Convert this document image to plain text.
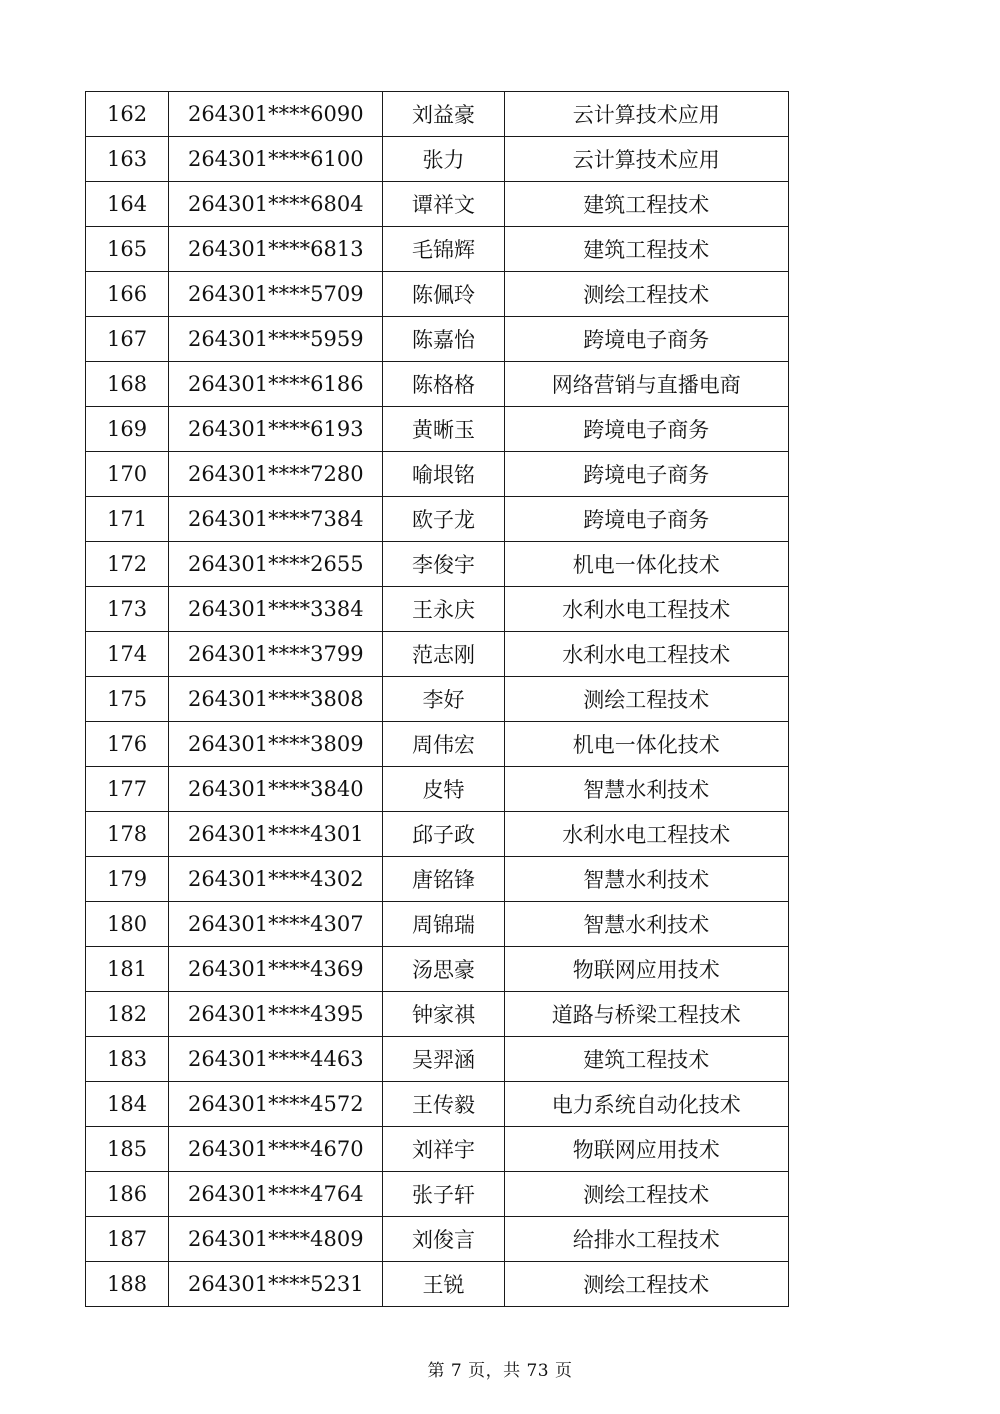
162	264301****6090	刘益豪	云计算技术应用
163	264301****6100	张力	云计算技术应用
164	264301****6804	谭祥文	建筑工程技术
165	264301****6813	毛锦辉	建筑工程技术
166	264301****5709	陈佩玲	测绘工程技术
167	264301****5959	陈嘉怡	跨境电子商务
168	264301****6186	陈格格	网络营销与直播电商
169	264301****6193	黄晰玉	跨境电子商务
170	264301****7280	喻垠铭	跨境电子商务
171	264301****7384	欧子龙	跨境电子商务
172	264301****2655	李俊宇	机电一体化技术
173	264301****3384	王永庆	水利水电工程技术
174	264301****3799	范志刚	水利水电工程技术
175	264301****3808	李好	测绘工程技术
176	264301****3809	周伟宏	机电一体化技术
177	264301****3840	皮特	智慧水利技术
178	264301****4301	邱子政	水利水电工程技术
179	264301****4302	唐铭锋	智慧水利技术
180	264301****4307	周锦瑞	智慧水利技术
181	264301****4369	汤思豪	物联网应用技术
182	264301****4395	钟家祺	道路与桥梁工程技术
183	264301****4463	吴羿涵	建筑工程技术
184	264301****4572	王传毅	电力系统自动化技术
185	264301****4670	刘祥宇	物联网应用技术
186	264301****4764	张子轩	测绘工程技术
187	264301****4809	刘俊言	给排水工程技术
188	264301****5231	王锐	测绘工程技术
第 7 页，共 73 页
